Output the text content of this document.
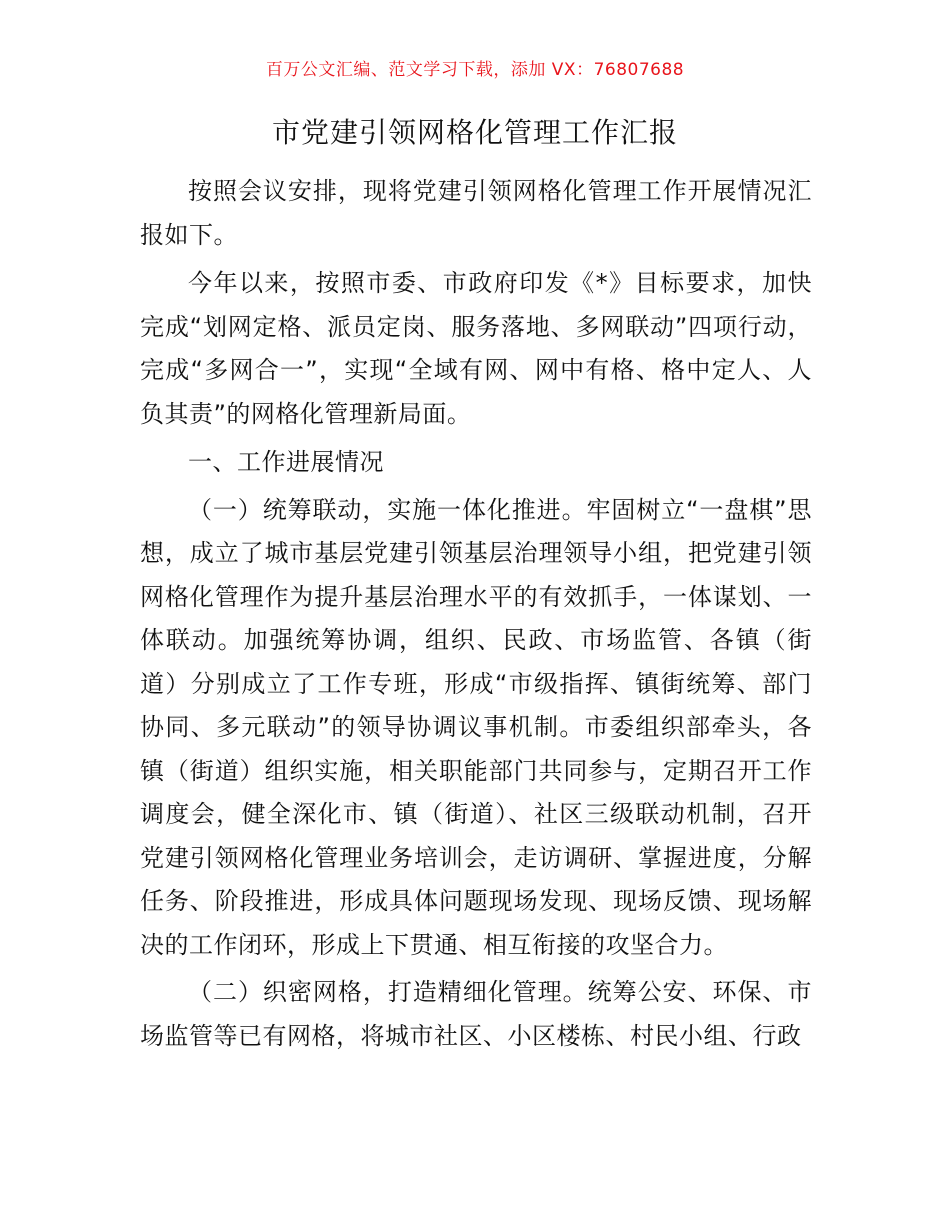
百万公文汇编、范文学习下载，添加 VX：76807688
市党建引领网格化管理工作汇报

按照会议安排，现将党建引领网格化管理工作开展情况汇报如下。

今年以来，按照市委、市政府印发《*》目标要求，加快完成“划网定格、派员定岗、服务落地、多网联动”四项行动，完成“多网合一”，实现“全域有网、网中有格、格中定人、人负其责”的网格化管理新局面。

一、工作进展情况

（一）统筹联动，实施一体化推进。牢固树立“一盘棋”思想，成立了城市基层党建引领基层治理领导小组，把党建引领网格化管理作为提升基层治理水平的有效抓手，一体谋划、一体联动。加强统筹协调，组织、民政、市场监管、各镇（街道）分别成立了工作专班，形成“市级指挥、镇街统筹、部门协同、多元联动”的领导协调议事机制。市委组织部牵头，各镇（街道）组织实施，相关职能部门共同参与，定期召开工作调度会，健全深化市、镇（街道）、社区三级联动机制，召开党建引领网格化管理业务培训会，走访调研、掌握进度，分解任务、阶段推进，形成具体问题现场发现、现场反馈、现场解决的工作闭环，形成上下贯通、相互衔接的攻坚合力。

（二）织密网格，打造精细化管理。统筹公安、环保、市场监管等已有网格，将城市社区、小区楼栋、村民小组、行政
